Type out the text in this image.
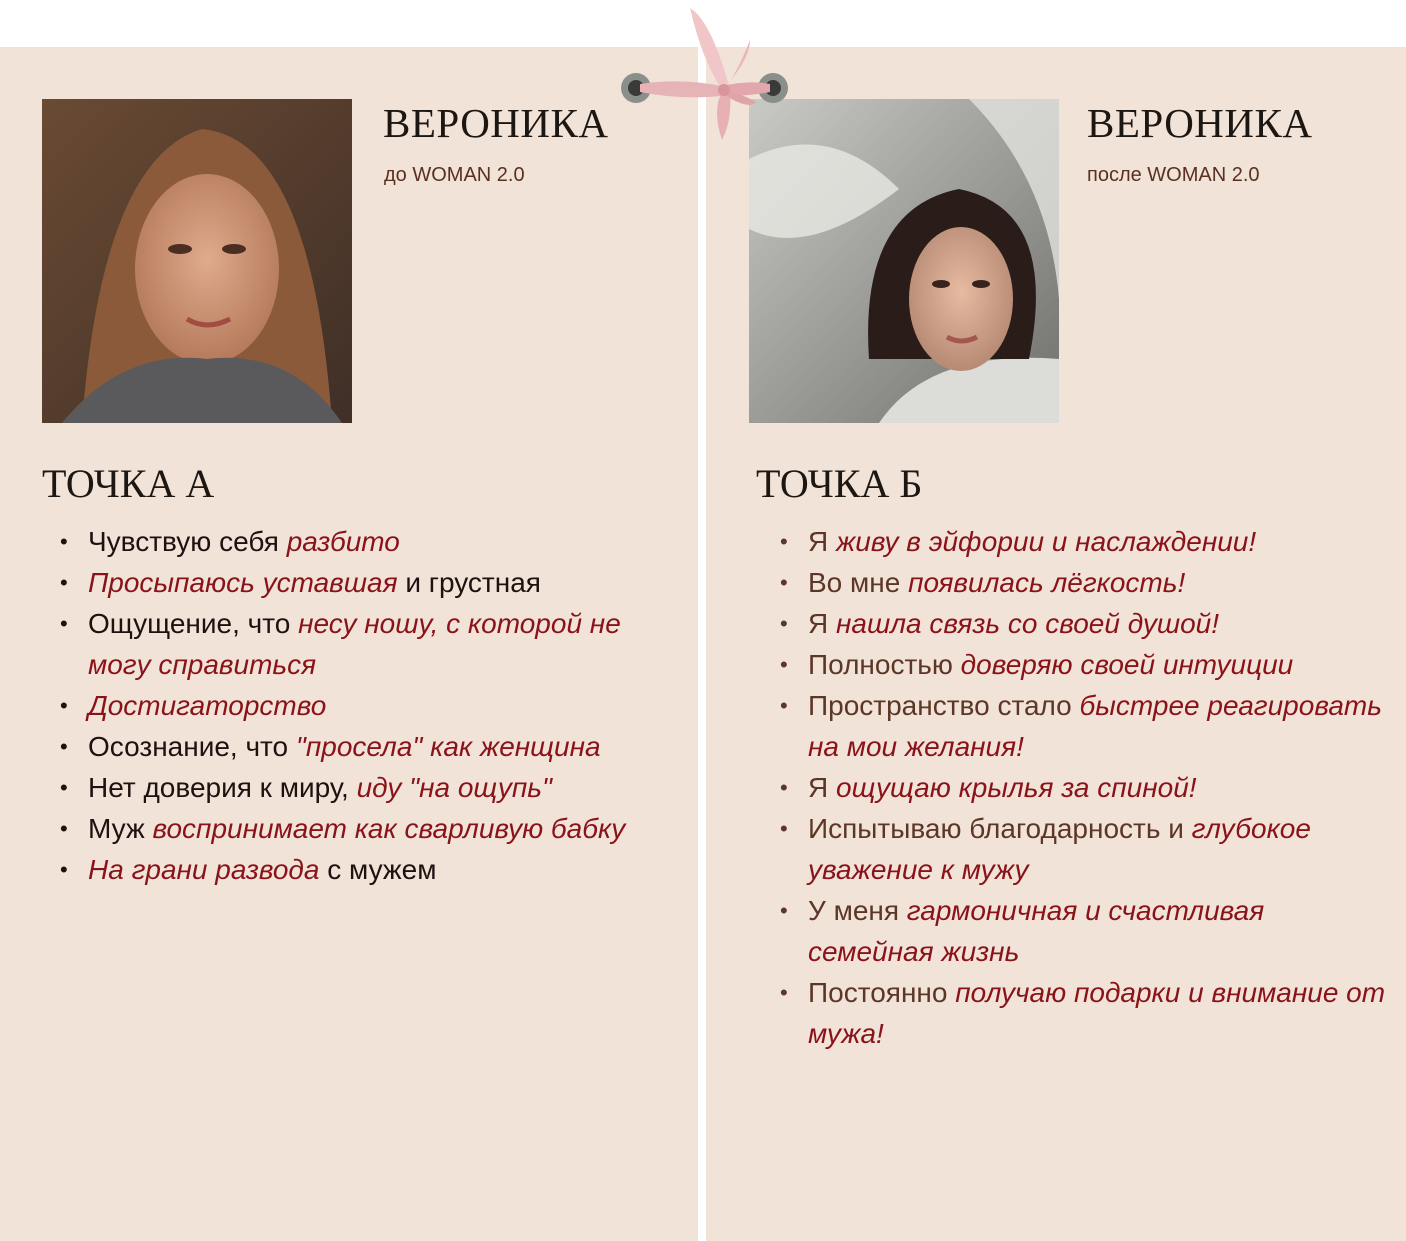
ВЕРОНИКА
до WOMAN 2.0
ТОЧКА А
• Чувствую себя разбито
• Просыпаюсь уставшая и грустная
• Ощущение, что несу ношу, с которой не могу справиться
• Достигаторство
• Осознание, что "просела" как женщина
• Нет доверия к миру, иду "на ощупь"
• Муж воспринимает как сварливую бабку
• На грани развода с мужем
ВЕРОНИКА
после WOMAN 2.0
ТОЧКА Б
• Я живу в эйфории и наслаждении!
• Во мне появилась лёгкость!
• Я нашла связь со своей душой!
• Полностью доверяю своей интуиции
• Пространство стало быстрее реагировать на мои желания!
• Я ощущаю крылья за спиной!
• Испытываю благодарность и глубокое уважение к мужу
• У меня гармоничная и счастливая семейная жизнь
• Постоянно получаю подарки и внимание от мужа!
